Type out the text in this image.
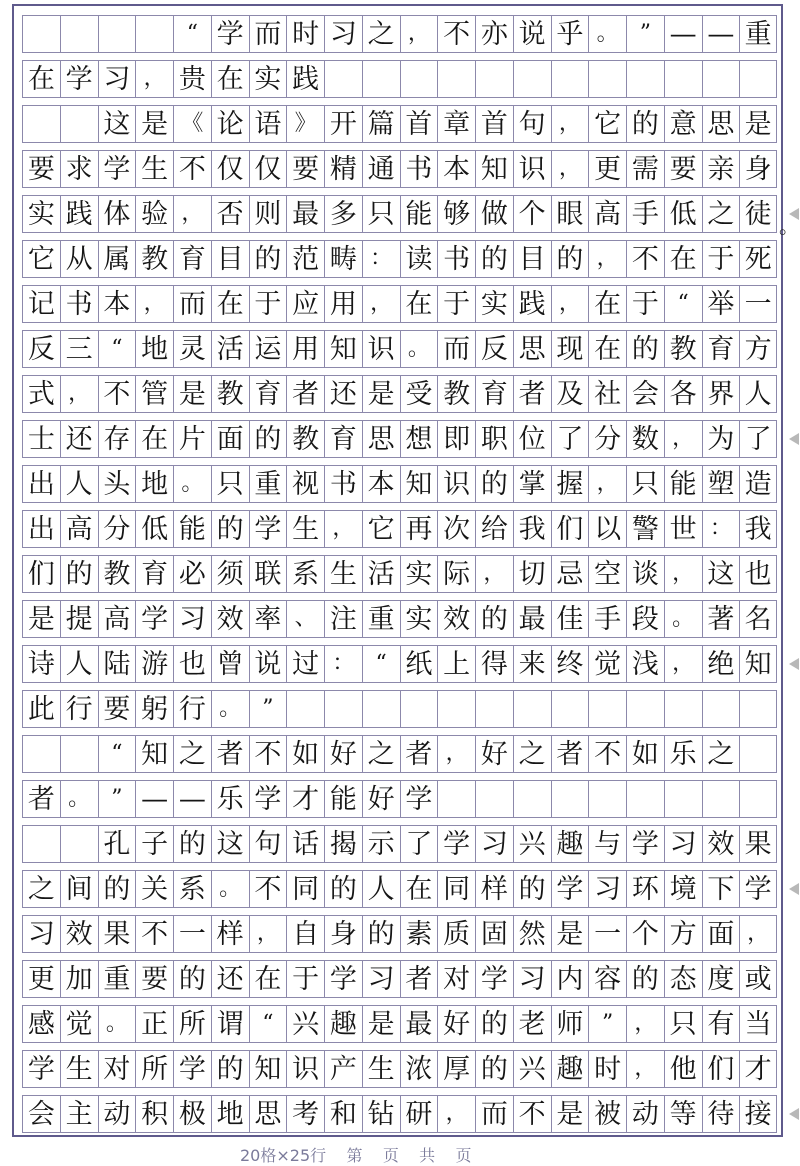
“ 学 而 时 习 之 ， 不 亦 说 乎 。 ” — — 重
在 学 习 ， 贵 在 实 践
这 是 《 论 语 》 开 篇 首 章 首 句 ， 它 的 意 思 是
要 求 学 生 不 仅 仅 要 精 通 书 本 知 识 ， 更 需 要 亲 身
实 践 体 验 ， 否 则 最 多 只 能 够 做 个 眼 高 手 低 之 徒
它 从 属 教 育 目 的 范 畴 ： 读 书 的 目 的 ， 不 在 于 死
记 书 本 ， 而 在 于 应 用 ， 在 于 实 践 ， 在 于 “ 举 一
反 三 “ 地 灵 活 运 用 知 识 。 而 反 思 现 在 的 教 育 方
式 ， 不 管 是 教 育 者 还 是 受 教 育 者 及 社 会 各 界 人
士 还 存 在 片 面 的 教 育 思 想 即 职 位 了 分 数 ， 为 了
出 人 头 地 。 只 重 视 书 本 知 识 的 掌 握 ， 只 能 塑 造
出 高 分 低 能 的 学 生 ， 它 再 次 给 我 们 以 警 世 ： 我
们 的 教 育 必 须 联 系 生 活 实 际 ， 切 忌 空 谈 ， 这 也
是 提 高 学 习 效 率 、 注 重 实 效 的 最 佳 手 段 。 著 名
诗 人 陆 游 也 曾 说 过 ： “ 纸 上 得 来 终 觉 浅 ， 绝 知
此 行 要 躬 行 。 ”
“ 知 之 者 不 如 好 之 者 ， 好 之 者 不 如 乐 之
者 。 ” — — 乐 学 才 能 好 学
孔 子 的 这 句 话 揭 示 了 学 习 兴 趣 与 学 习 效 果
之 间 的 关 系 。 不 同 的 人 在 同 样 的 学 习 环 境 下 学
习 效 果 不 一 样 ， 自 身 的 素 质 固 然 是 一 个 方 面 ，
更 加 重 要 的 还 在 于 学 习 者 对 学 习 内 容 的 态 度 或
感 觉 。 正 所 谓 “ 兴 趣 是 最 好 的 老 师 ” ， 只 有 当
学 生 对 所 学 的 知 识 产 生 浓 厚 的 兴 趣 时 ， 他 们 才
会 主 动 积 极 地 思 考 和 钻 研 ， 而 不 是 被 动 等 待 接
。
20格×25行    第    页    共    页
